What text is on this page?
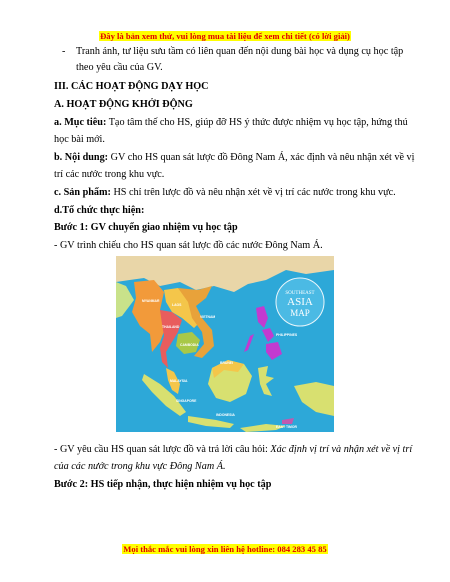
Đây là bản xem thử, vui lòng mua tài liệu để xem chi tiết (có lời giải)
- Tranh ảnh, tư liệu sưu tầm có liên quan đến nội dung bài học và dụng cụ học tập
theo yêu cầu của GV.
III. CÁC HOẠT ĐỘNG DẠY HỌC
A. HOẠT ĐỘNG KHỞI ĐỘNG
a. Mục tiêu: Tạo tâm thế cho HS, giúp đỡ HS ý thức được nhiệm vụ học tập, hứng thú
học bài mới.
b. Nội dung: GV cho HS quan sát lược đồ Đông Nam Á, xác định và nêu nhận xét về vị
trí các nước trong khu vực.
c. Sản phẩm: HS chỉ trên lược đồ và nêu nhận xét về vị trí các nước trong khu vực.
d.Tổ chức thực hiện:
Bước 1: GV chuyển giao nhiệm vụ học tập
- GV trình chiếu cho HS quan sát lược đồ các nước Đông Nam Á.
SOUTHEAST
ASIA
MAP
MYANMAR
LAOS
THAILAND
VIETNAM
CAMBODIA
PHILIPPINES
BRUNEI
MALAYSIA
SINGAPORE
INDONESIA
EAST TIMOR
- GV yêu cầu HS quan sát lược đồ và trả lời câu hỏi: Xác định vị trí và nhận xét về vị trí
của các nước trong khu vực Đông Nam Á.
Bước 2: HS tiếp nhận, thực hiện nhiệm vụ học tập
Mọi thắc mắc vui lòng xin liên hệ hotline: 084 283 45 85
